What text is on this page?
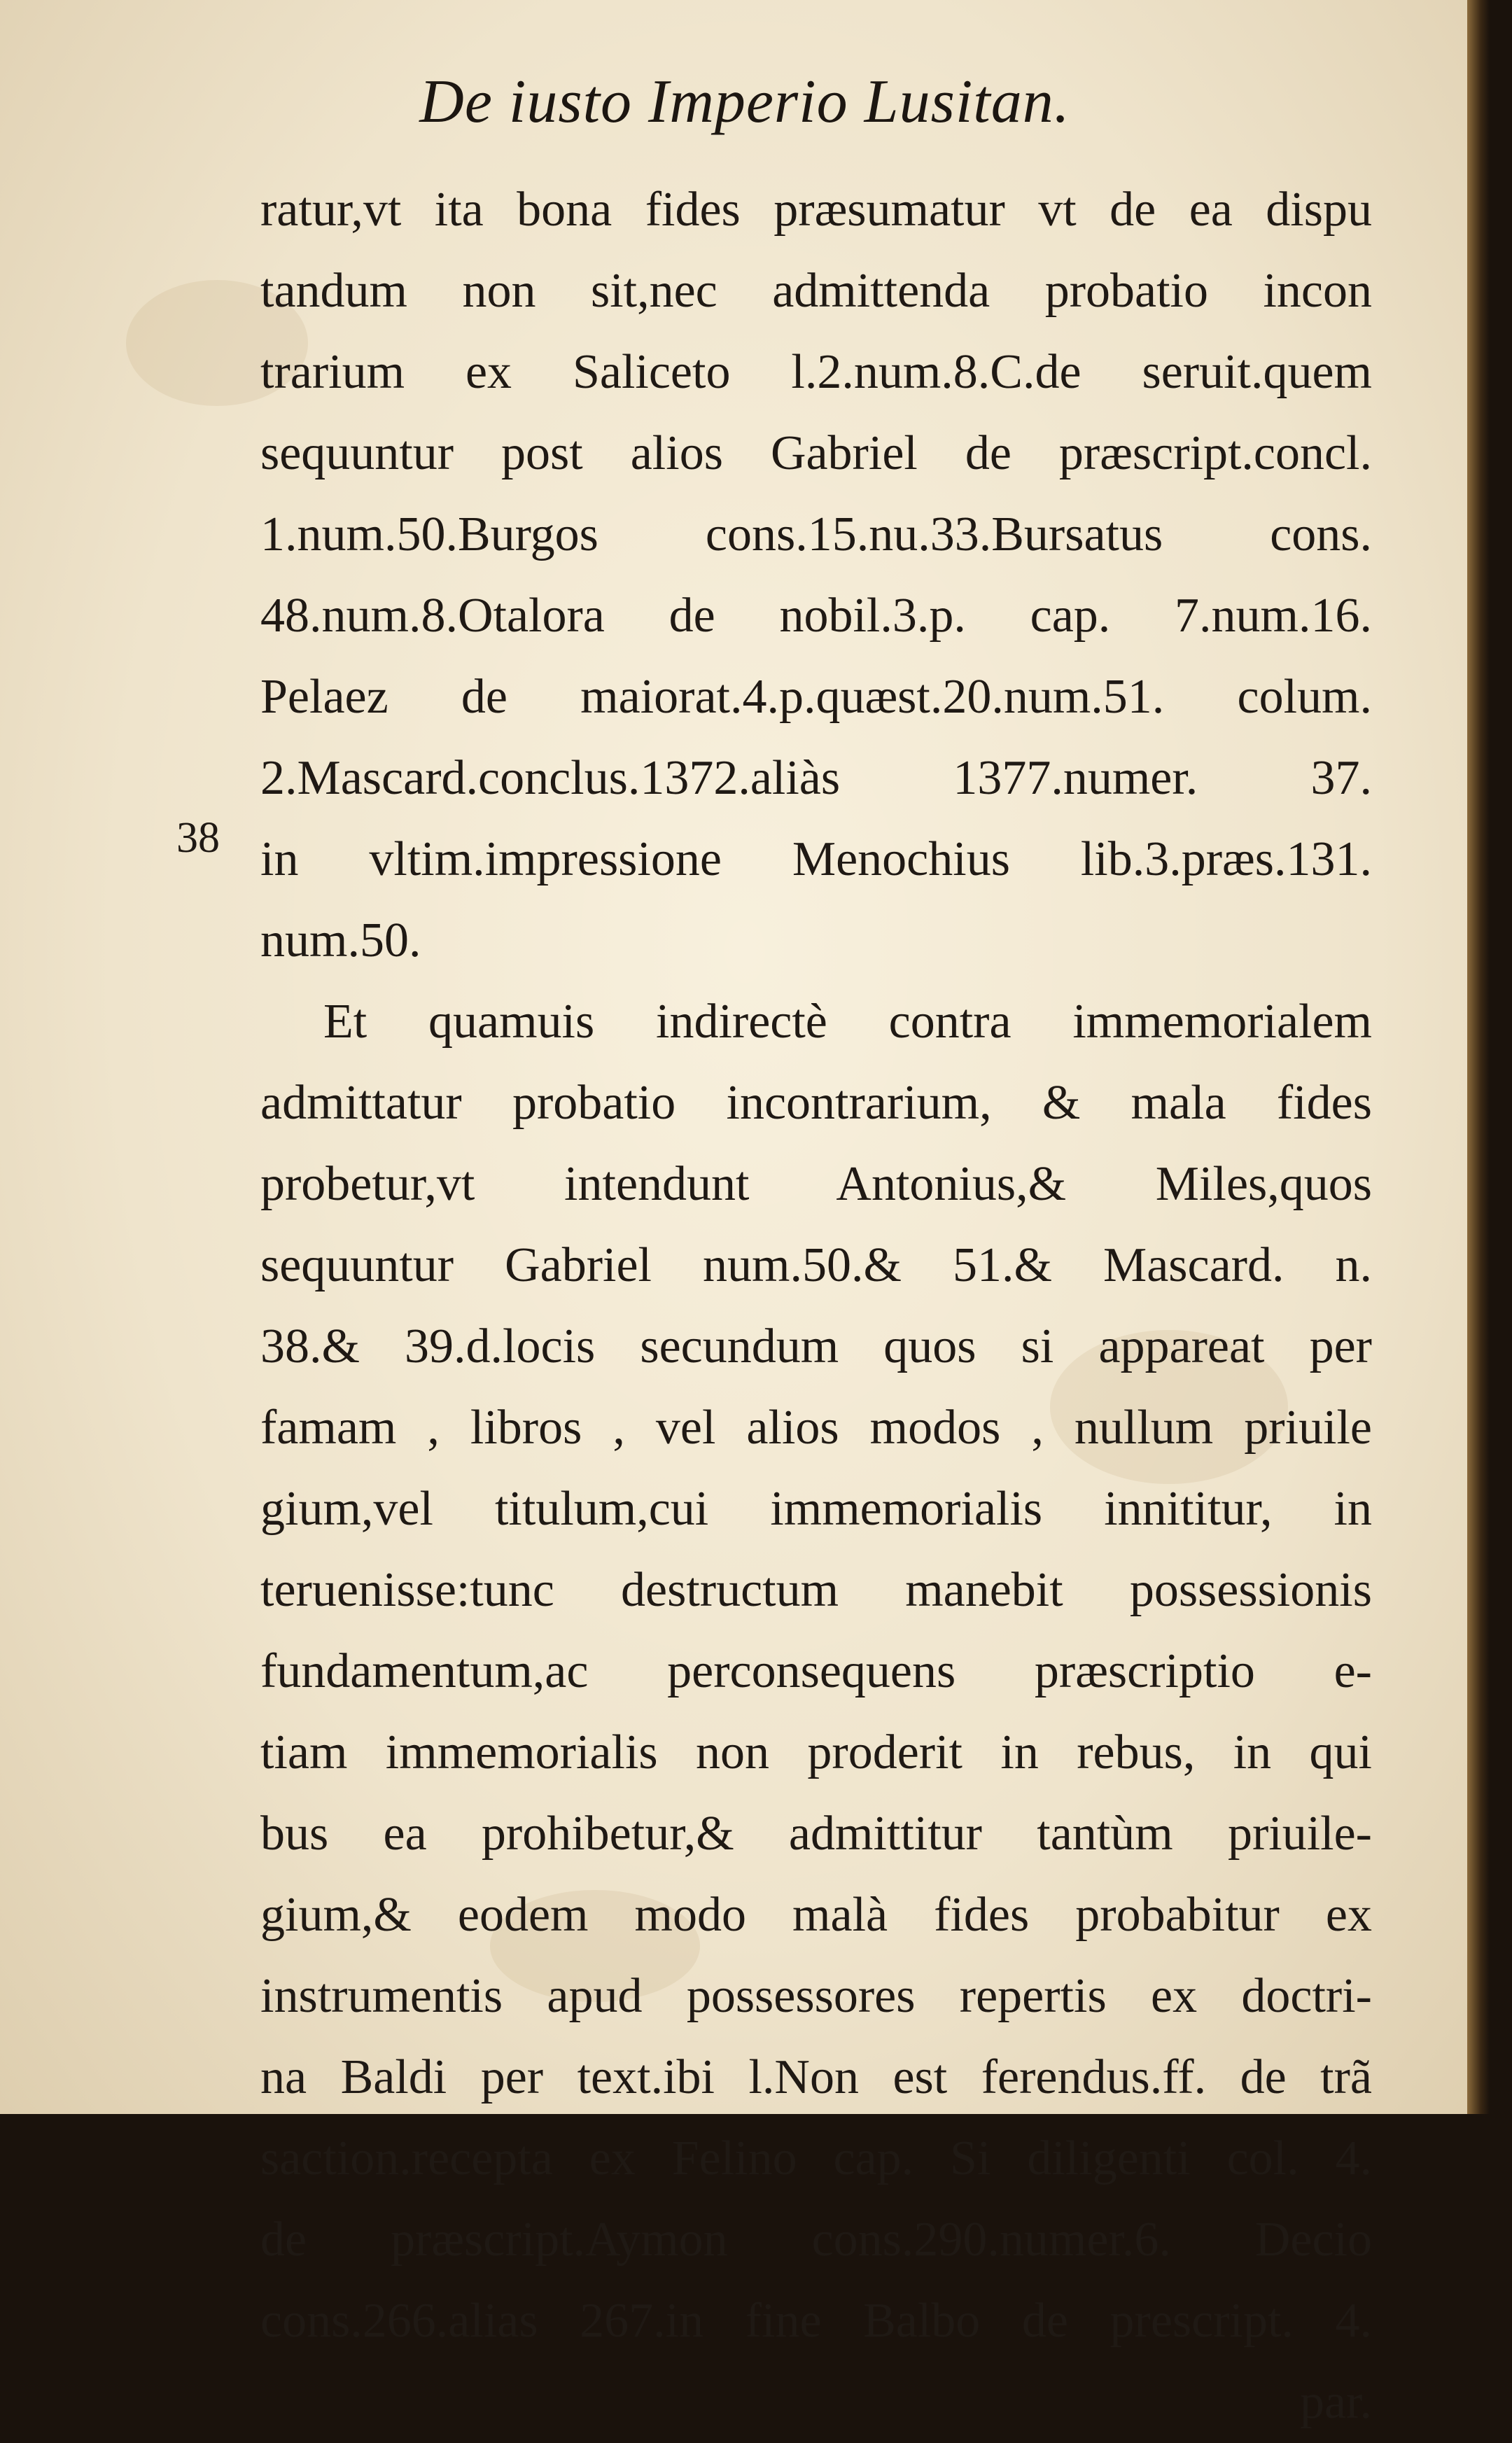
De iusto Imperio Lusitan.
38
ratur,vt ita bona fides præsumatur vt de ea dispu
tandum non sit,nec admittenda probatio incon
trarium ex Saliceto l.2.num.8.C.de seruit.quem
sequuntur post alios Gabriel de præscript.concl.
1.num.50.Burgos cons.15.nu.33.Bursatus cons.
48.num.8.Otalora de nobil.3.p. cap. 7.num.16.
Pelaez de maiorat.4.p.quæst.20.num.51. colum.
2.Mascard.conclus.1372.aliàs 1377.numer. 37.
in vltim.impressione Menochius lib.3.præs.131.
num.50.
Et quamuis indirectè contra immemorialem
admittatur probatio incontrarium, & mala fides
probetur,vt intendunt Antonius,& Miles,quos
sequuntur Gabriel num.50.& 51.& Mascard. n.
38.& 39.d.locis secundum quos si appareat per
famam , libros , vel alios modos , nullum priuile
gium,vel titulum,cui immemorialis innititur, in
teruenisse:tunc destructum manebit possessionis
fundamentum,ac perconsequens præscriptio e-
tiam immemorialis non proderit in rebus, in qui
bus ea prohibetur,& admittitur tantùm priuile-
gium,& eodem modo malà fides probabitur ex
instrumentis apud possessores repertis ex doctri-
na Baldi per text.ibi l.Non est ferendus.ff. de trã
saction.recepta ex Felino cap. Si diligenti col. 4.
de præscript.Aymon cons.290.numer.6. Decio
cons.266.alias 267.in fine Balbo de prescript. 4.
par.
